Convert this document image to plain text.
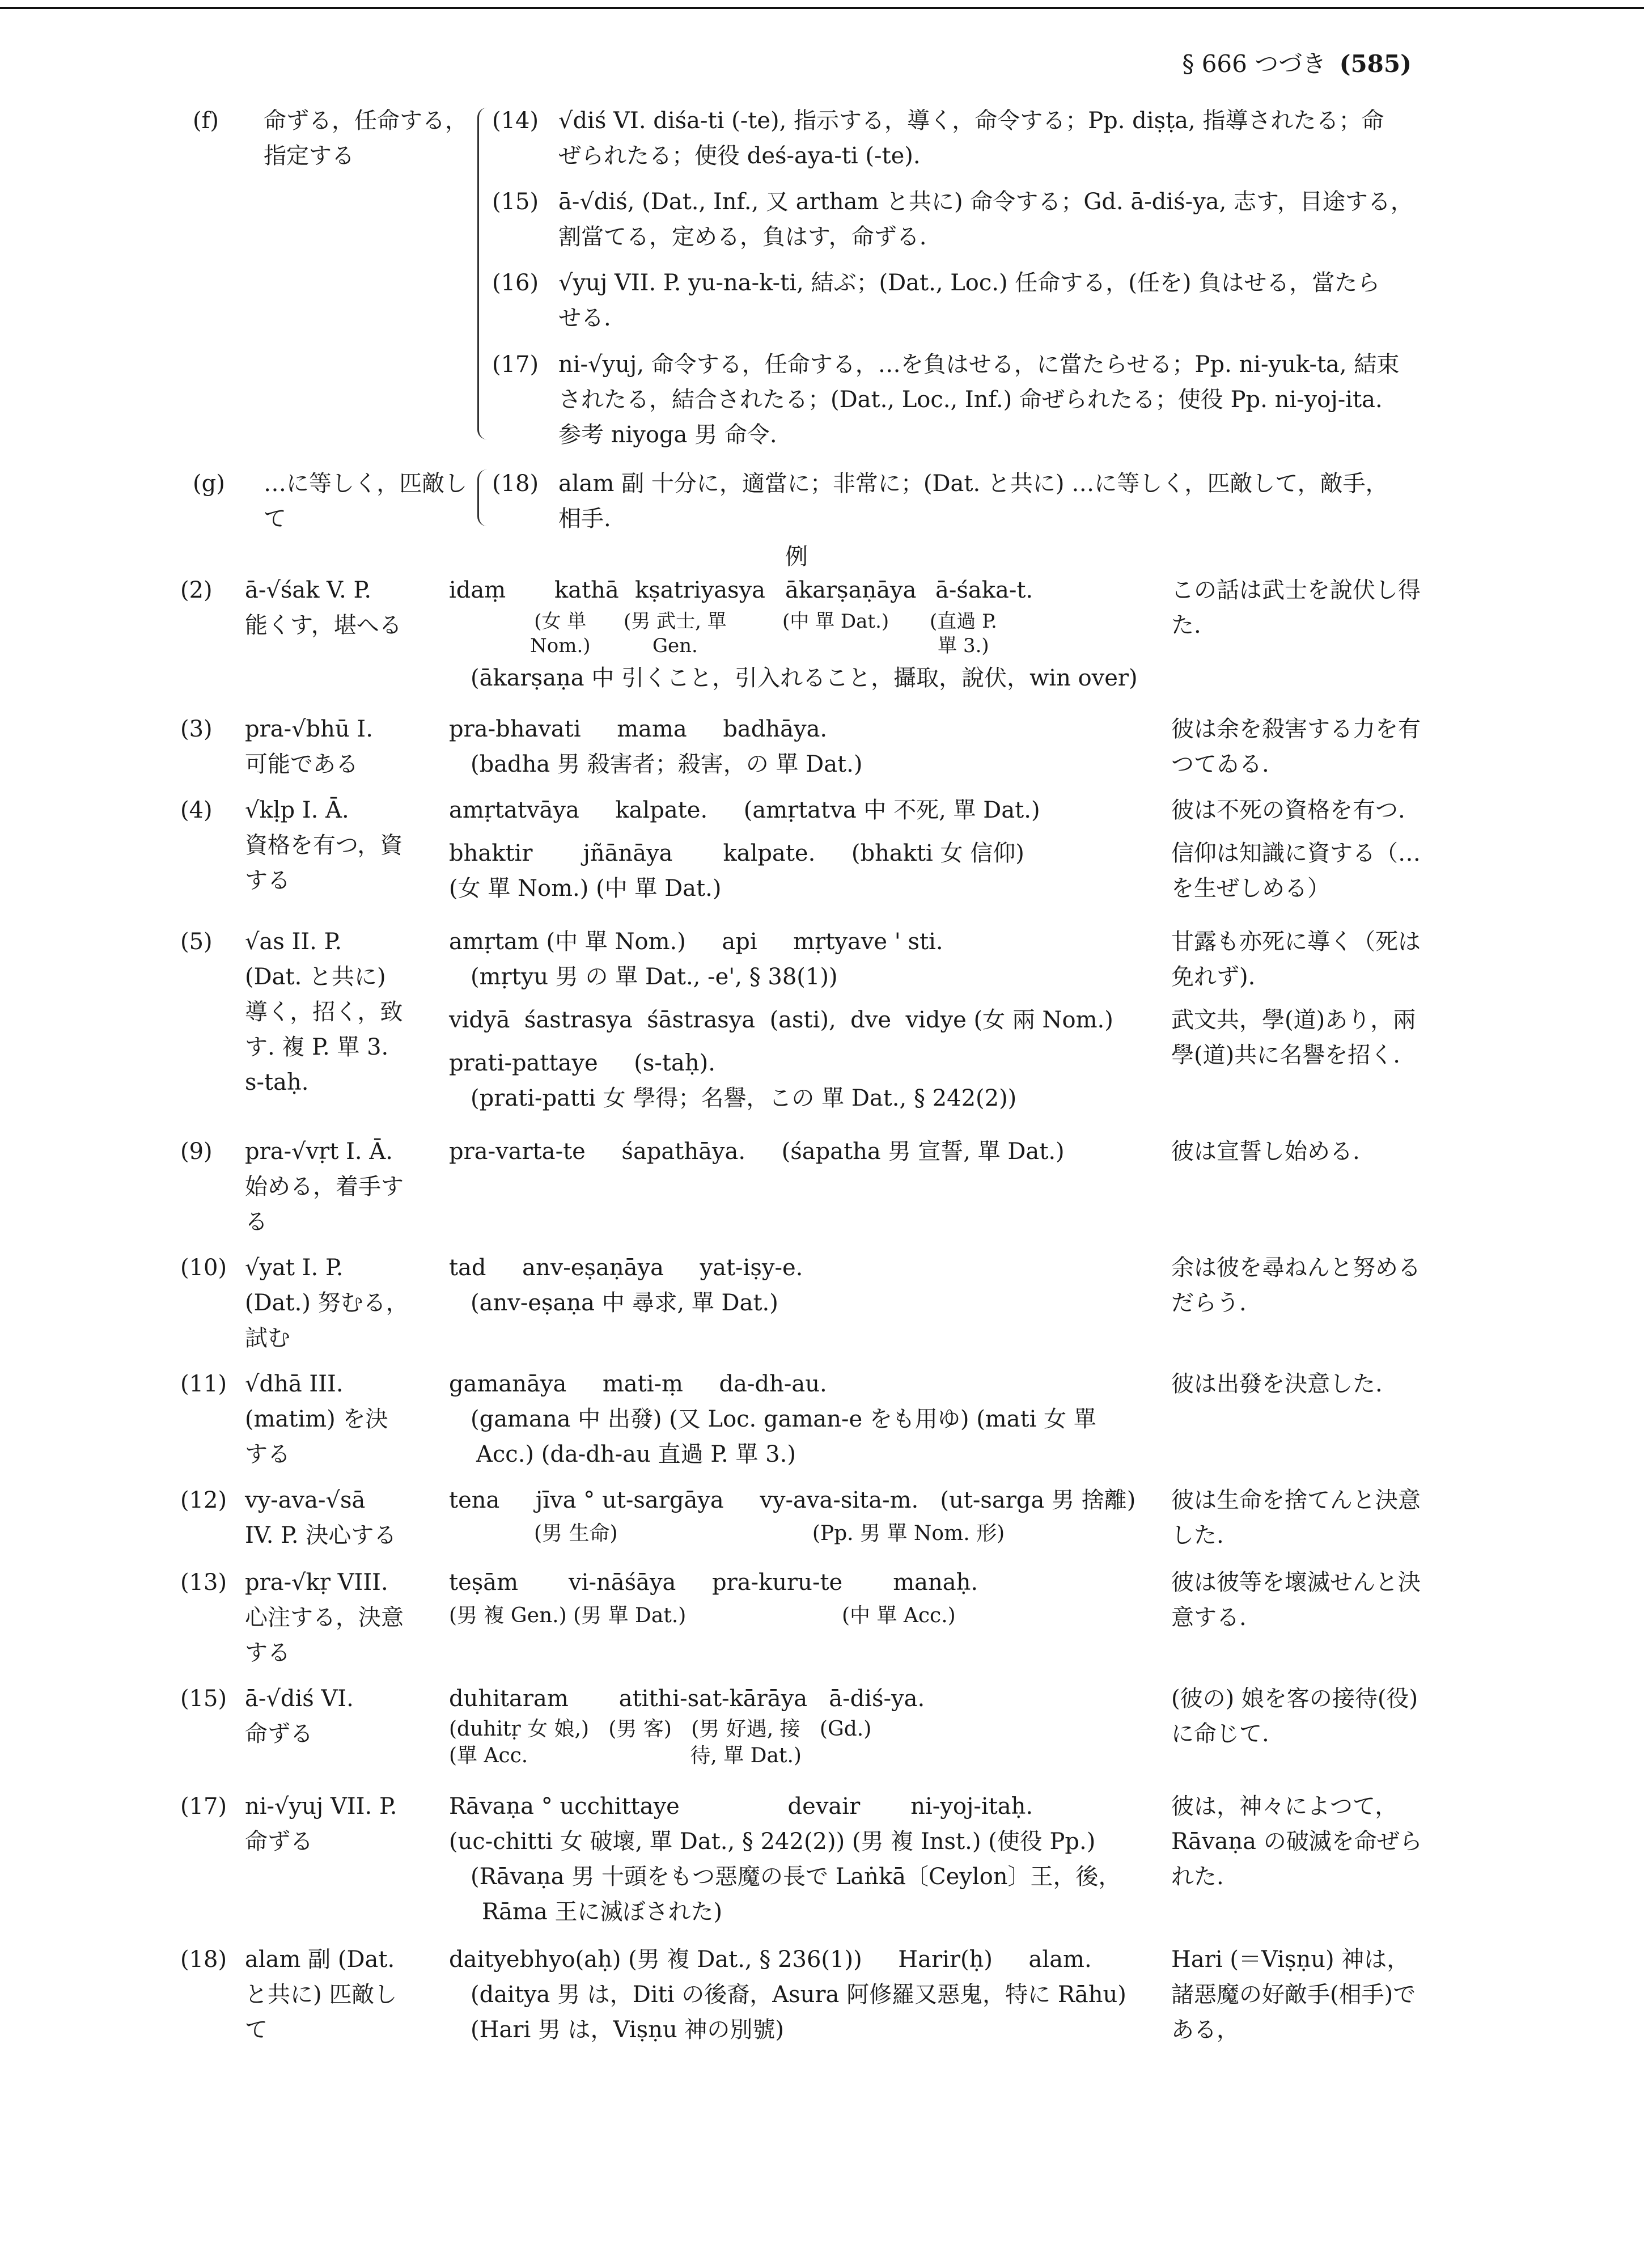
§ 666 つづき (585)
(f) 命ずる，任命する，
指定する
(14) √diś VI. diśa-ti (-te), 指示する，導く，命令する；Pp. diṣṭa, 指導されたる；命
ぜられたる；使役 deś-aya-ti (-te).
(15) ā-√diś, (Dat., Inf., 又 artham と共に) 命令する；Gd. ā-diś-ya, 志す，目途する，
割當てる，定める，負はす，命ずる.
(16) √yuj VII. P. yu-na-k-ti, 結ぶ；(Dat., Loc.) 任命する，(任を) 負はせる，當たら
せる.
(17) ni-√yuj, 命令する，任命する，…を負はせる，に當たらせる；Pp. ni-yuk-ta, 結束
されたる，結合されたる；(Dat., Loc., Inf.) 命ぜられたる；使役 Pp. ni-yoj-ita.
参考 niyoga 男 命令.
(g) …に等しく，匹敵し
て
(18) alam 副 十分に，適當に；非常に；(Dat. と共に) …に等しく，匹敵して，敵手，
相手.
例
(2) ā-√śak V. P.
能くす，堪へる
idaṃ kathā kṣatriyasya ākarṣaṇāya ā-śaka-t.
(女 単
Nom.)
(男 武士, 單
Gen.
(中 單 Dat.) (直過 P.
單 3.)
(ākarṣaṇa 中 引くこと，引入れること，攝取，說伏，win over)
この話は武士を說伏し得
た.
(3) pra-√bhū I.
可能である
pra-bhavati     mama     badhāya.
(badha 男 殺害者；殺害，の 單 Dat.)
彼は余を殺害する力を有
つてゐる.
(4) √kḷp I. Ā.
資格を有つ，資
する
amṛtatvāya     kalpate.     (amṛtatva 中 不死, 單 Dat.)
bhaktir       jñānāya       kalpate.     (bhakti 女 信仰)
(女 單 Nom.) (中 單 Dat.)
彼は不死の資格を有つ.
信仰は知識に資する（…
を生ぜしめる）
(5) √as II. P.
(Dat. と共に)
導く，招く，致
す. 複 P. 單 3.
s-taḥ.
amṛtam (中 單 Nom.)     api     mṛtyave ' sti.
(mṛtyu 男 の 單 Dat., -e', § 38(1))
vidyā  śastrasya  śāstrasya  (asti),  dve  vidye (女 兩 Nom.)
prati-pattaye     (s-taḥ).
(prati-patti 女 學得；名譽，この 單 Dat., § 242(2))
甘露も亦死に導く（死は
免れず).
武文共，學(道)あり，兩
學(道)共に名譽を招く.
(9) pra-√vṛt I. Ā.
始める，着手す
る
pra-varta-te     śapathāya.     (śapatha 男 宣誓, 單 Dat.)	彼は宣誓し始める.
(10) √yat I. P.
(Dat.) 努むる，
試む
tad     anv-eṣaṇāya     yat-iṣy-e.
(anv-eṣaṇa 中 尋求, 單 Dat.)
余は彼を尋ねんと努める
だらう.
(11) √dhā III.
(matim) を決
する
gamanāya     mati-ṃ     da-dh-au.
(gamana 中 出發) (又 Loc. gaman-e をも用ゆ) (mati 女 單
Acc.) (da-dh-au 直過 P. 單 3.)
彼は出發を決意した.
(12) vy-ava-√sā
IV. P. 決心する
tena     jīva ° ut-sargāya     vy-ava-sita-m.   (ut-sarga 男 捨離)
(男 生命)                              (Pp. 男 單 Nom. 形)
彼は生命を捨てんと決意
した.
(13) pra-√kṛ VIII.
心注する，決意
する
teṣām       vi-nāśāya     pra-kuru-te       manaḥ.
(男 複 Gen.) (男 單 Dat.)                        (中 單 Acc.)
彼は彼等を壞滅せんと決
意する.
(15) ā-√diś VI.
命ずる
duhitaram       atithi-sat-kārāya   ā-diś-ya.
(duhitṛ 女 娘,)   (男 客)   (男 好遇, 接   (Gd.)
(單 Acc.                         待, 單 Dat.)
(彼の) 娘を客の接待(役)
に命じて.
(17) ni-√yuj VII. P.
命ずる
Rāvaṇa ° ucchittaye               devair       ni-yoj-itaḥ.
(uc-chitti 女 破壞, 單 Dat., § 242(2)) (男 複 Inst.) (使役 Pp.)
(Rāvaṇa 男 十頭をもつ惡魔の長で Laṅkā〔Ceylon〕王，後，
Rāma 王に滅ぼされた)
彼は，神々によつて，
Rāvaṇa の破滅を命ぜら
れた.
(18) alam 副 (Dat.
と共に) 匹敵し
て
daityebhyo(aḥ) (男 複 Dat., § 236(1))     Harir(ḥ)     alam.
(daitya 男 は，Diti の後裔，Asura 阿修羅又惡鬼，特に Rāhu)
(Hari 男 は，Viṣṇu 神の別號)
Hari (＝Viṣṇu) 神は，
諸惡魔の好敵手(相手)で
ある，
